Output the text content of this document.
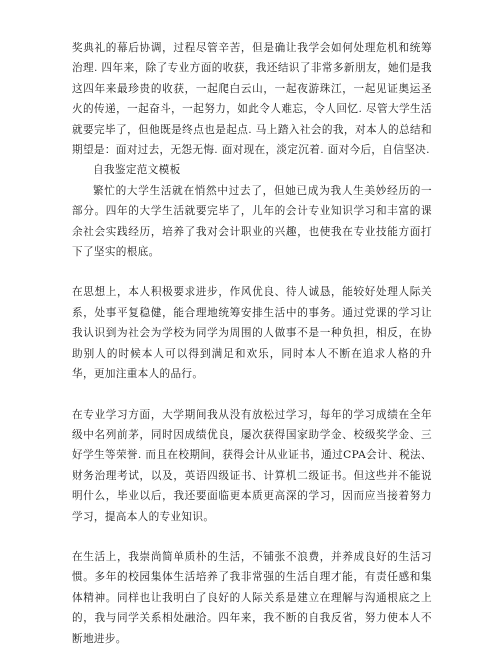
奖典礼的幕后协调，过程尽管辛苦，但是确让我学会如何处理危机和统筹治理. 四年来，除了专业方面的收获，我还结识了非常多新朋友，她们是我这四年来最珍贵的收获，一起爬白云山，一起夜游珠江，一起见证奥运圣火的传递，一起奋斗，一起努力，如此令人难忘，令人回忆. 尽管大学生活就要完毕了，但他既是终点也是起点. 马上踏入社会的我，对本人的总结和期望是：面对过去，无怨无悔. 面对现在，淡定沉着. 面对今后，自信坚决.

自我鉴定范文模板

繁忙的大学生活就在悄然中过去了，但她已成为我人生美妙经历的一部分。四年的大学生活就要完毕了，儿年的会计专业知识学习和丰富的课余社会实践经历，培养了我对会计职业的兴趣，也使我在专业技能方面打下了坚实的根底。

在思想上，本人积极要求进步，作风优良、待人诚恳，能较好处理人际关系，处事平复稳健，能合理地统筹安排生活中的事务。通过党课的学习让我认识到为社会为学校为同学为周围的人做事不是一种负担，相反，在协助别人的时候本人可以得到满足和欢乐，同时本人不断在追求人格的升华，更加注重本人的品行。

在专业学习方面，大学期间我从没有放松过学习，每年的学习成绩在全年级中名列前茅，同时因成绩优良，屡次获得国家助学金、校级奖学金、三好学生等荣誉. 而且在校期间，获得会计从业证书，通过CPA会计、税法、财务治理考试，以及，英语四级证书、计算机二级证书。但这些并不能说明什么，毕业以后，我还要面临更本质更高深的学习，因而应当接着努力学习，提高本人的专业知识。

在生活上，我崇尚简单质朴的生活，不铺张不浪费，并养成良好的生活习惯。多年的校园集体生活培养了我非常强的生活自理才能，有责任感和集体精神。同样也让我明白了良好的人际关系是建立在理解与沟通根底之上的，我与同学关系相处融洽。四年来，我不断的自我反省，努力使本人不断地进步。
